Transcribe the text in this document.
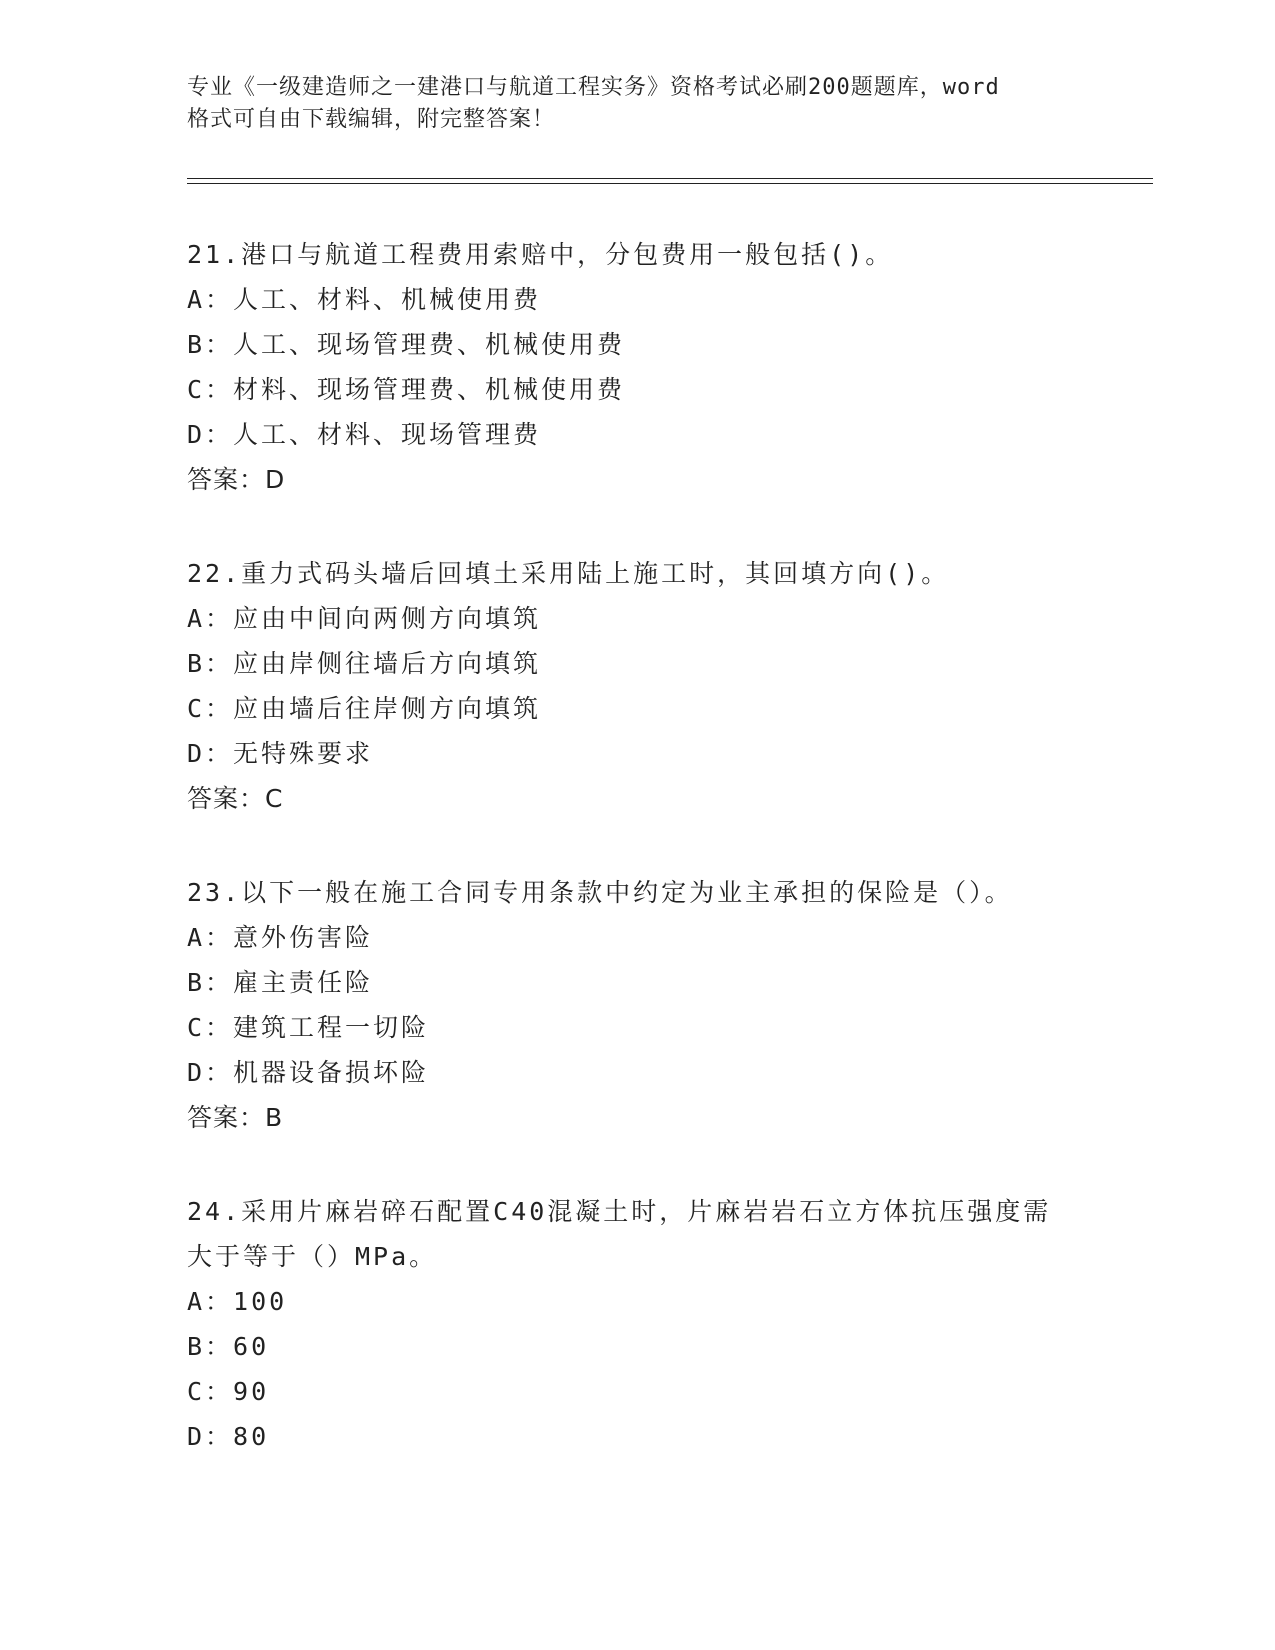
专业《一级建造师之一建港口与航道工程实务》资格考试必刷200题题库，word
格式可自由下载编辑，附完整答案！
21.港口与航道工程费用索赔中，分包费用一般包括()。
A：人工、材料、机械使用费
B：人工、现场管理费、机械使用费
C：材料、现场管理费、机械使用费
D：人工、材料、现场管理费
答案：D
22.重力式码头墙后回填土采用陆上施工时，其回填方向()。
A：应由中间向两侧方向填筑
B：应由岸侧往墙后方向填筑
C：应由墙后往岸侧方向填筑
D：无特殊要求
答案：C
23.以下一般在施工合同专用条款中约定为业主承担的保险是（）。
A：意外伤害险
B：雇主责任险
C：建筑工程一切险
D：机器设备损坏险
答案：B
24.采用片麻岩碎石配置C40混凝土时，片麻岩岩石立方体抗压强度需
大于等于（）MPa。
A：100
B：60
C：90
D：80
